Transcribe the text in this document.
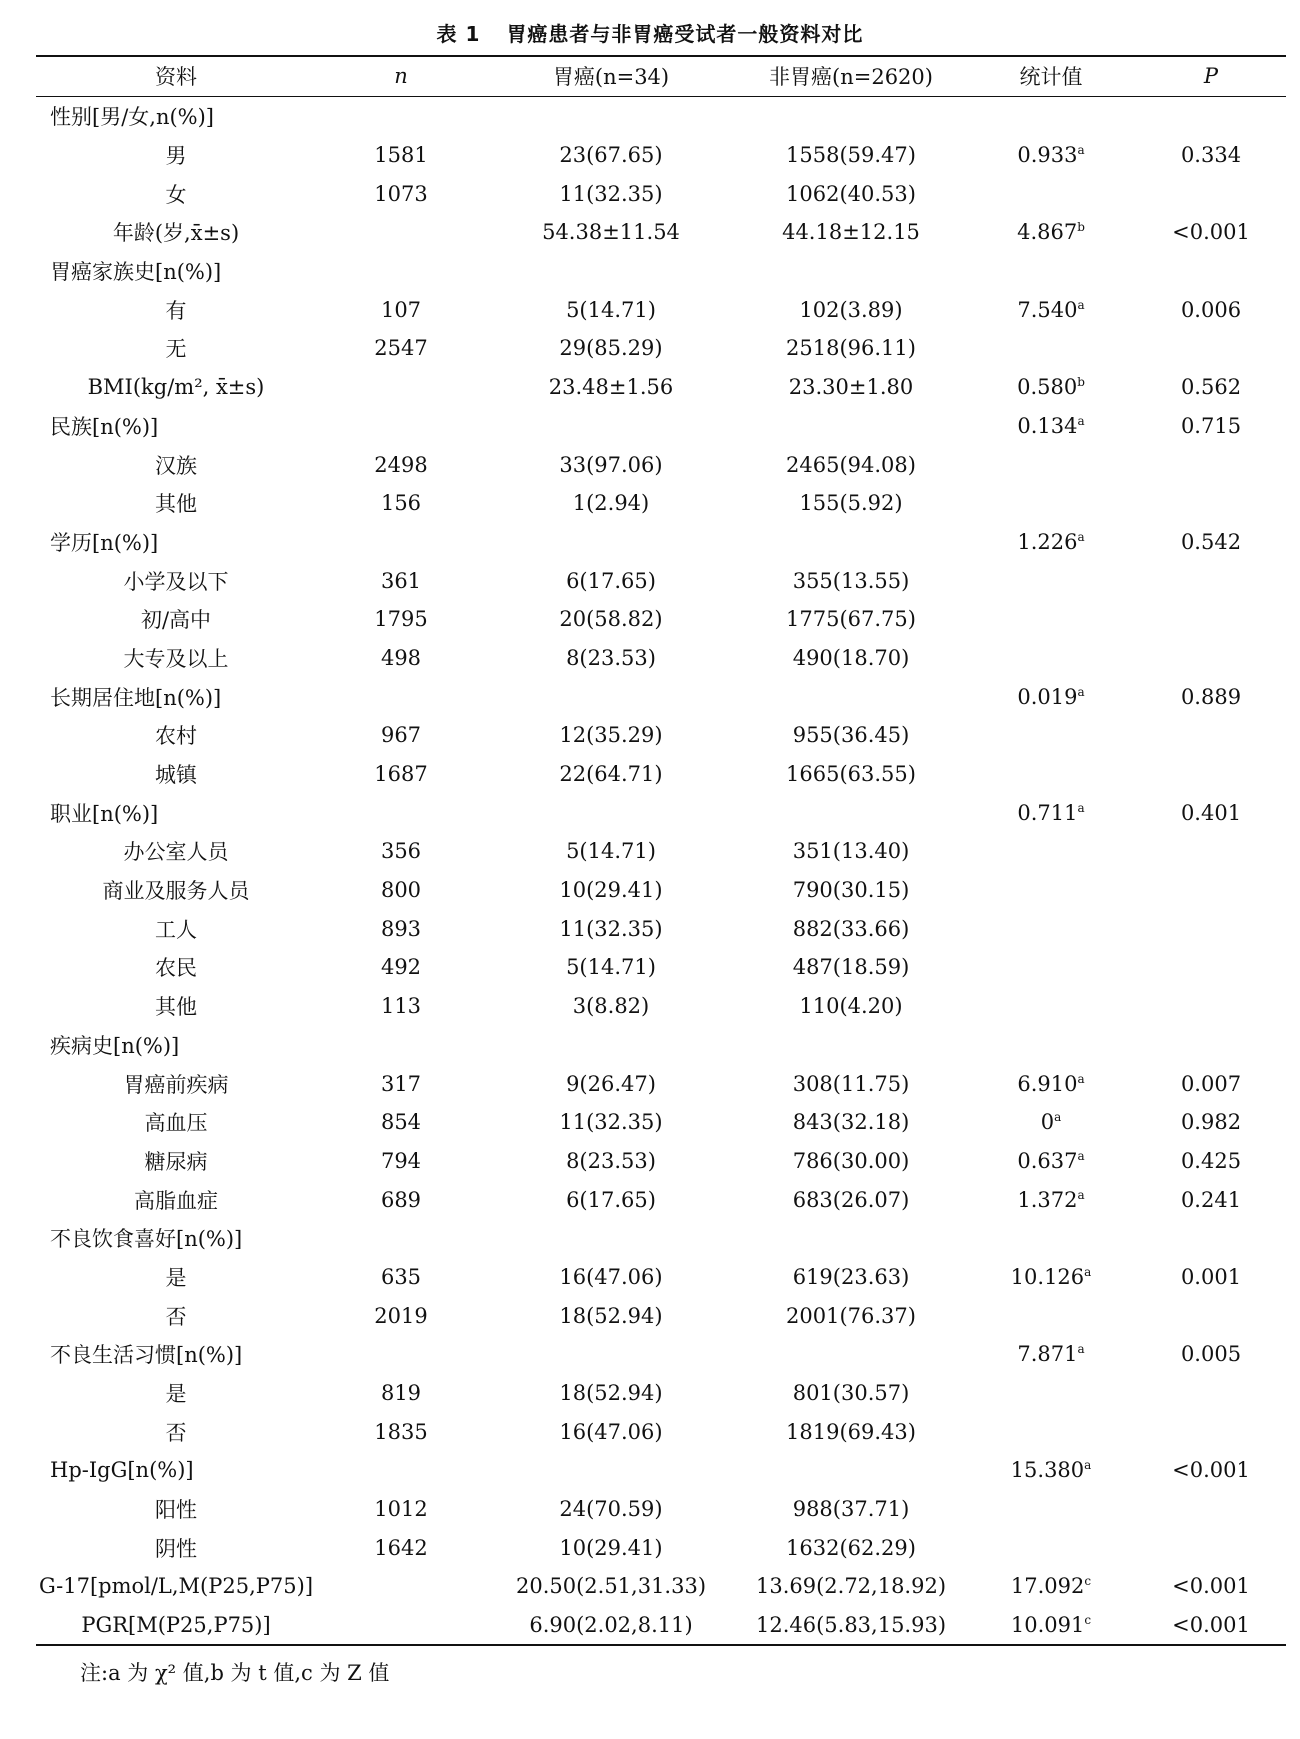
表 1 胃癌患者与非胃癌受试者一般资料对比
资料	n	胃癌(n=34)	非胃癌(n=2620)	统计值	P
性别[男/女,n(%)]					
男	1581	23(67.65)	1558(59.47)	0.933$^a$	0.334
女	1073	11(32.35)	1062(40.53)		
年龄(岁,x̄±s)		54.38±11.54	44.18±12.15	4.867$^b$	<0.001
胃癌家族史[n(%)]					
有	107	5(14.71)	102(3.89)	7.540$^a$	0.006
无	2547	29(85.29)	2518(96.11)		
BMI(kg/m², x̄±s)		23.48±1.56	23.30±1.80	0.580$^b$	0.562
民族[n(%)]				0.134$^a$	0.715
汉族	2498	33(97.06)	2465(94.08)		
其他	156	1(2.94)	155(5.92)		
学历[n(%)]				1.226$^a$	0.542
小学及以下	361	6(17.65)	355(13.55)		
初/高中	1795	20(58.82)	1775(67.75)		
大专及以上	498	8(23.53)	490(18.70)		
长期居住地[n(%)]				0.019$^a$	0.889
农村	967	12(35.29)	955(36.45)		
城镇	1687	22(64.71)	1665(63.55)		
职业[n(%)]				0.711$^a$	0.401
办公室人员	356	5(14.71)	351(13.40)		
商业及服务人员	800	10(29.41)	790(30.15)		
工人	893	11(32.35)	882(33.66)		
农民	492	5(14.71)	487(18.59)		
其他	113	3(8.82)	110(4.20)		
疾病史[n(%)]					
胃癌前疾病	317	9(26.47)	308(11.75)	6.910$^a$	0.007
高血压	854	11(32.35)	843(32.18)	0$^a$	0.982
糖尿病	794	8(23.53)	786(30.00)	0.637$^a$	0.425
高脂血症	689	6(17.65)	683(26.07)	1.372$^a$	0.241
不良饮食喜好[n(%)]					
是	635	16(47.06)	619(23.63)	10.126$^a$	0.001
否	2019	18(52.94)	2001(76.37)		
不良生活习惯[n(%)]				7.871$^a$	0.005
是	819	18(52.94)	801(30.57)		
否	1835	16(47.06)	1819(69.43)		
Hp-IgG[n(%)]				15.380$^a$	<0.001
阳性	1012	24(70.59)	988(37.71)		
阴性	1642	10(29.41)	1632(62.29)		
G-17[pmol/L,M(P25,P75)]		20.50(2.51,31.33)	13.69(2.72,18.92)	17.092$^c$	<0.001
PGR[M(P25,P75)]		6.90(2.02,8.11)	12.46(5.83,15.93)	10.091$^c$	<0.001
注:a 为 χ² 值,b 为 t 值,c 为 Z 值
